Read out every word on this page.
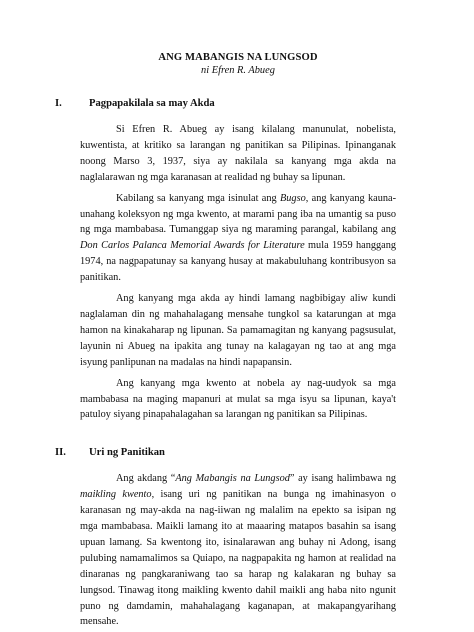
ANG MABANGIS NA LUNGSOD
ni Efren R. Abueg
I.	Pagpapakilala sa may Akda

Si Efren R. Abueg ay isang kilalang manunulat, nobelista, kuwentista, at kritiko sa larangan ng panitikan sa Pilipinas. Ipinanganak noong Marso 3, 1937, siya ay nakilala sa kanyang mga akda na naglalarawan ng mga karanasan at realidad ng buhay sa lipunan.

Kabilang sa kanyang mga isinulat ang Bugso, ang kanyang kauna-unahang koleksyon ng mga kwento, at marami pang iba na umantig sa puso ng mga mambabasa. Tumanggap siya ng maraming parangal, kabilang ang Don Carlos Palanca Memorial Awards for Literature mula 1959 hanggang 1974, na nagpapatunay sa kanyang husay at makabuluhang kontribusyon sa panitikan.

Ang kanyang mga akda ay hindi lamang nagbibigay aliw kundi naglalaman din ng mahahalagang mensahe tungkol sa katarungan at mga hamon na kinakaharap ng lipunan. Sa pamamagitan ng kanyang pagsusulat, layunin ni Abueg na ipakita ang tunay na kalagayan ng tao at ang mga isyung panlipunan na madalas na hindi napapansin.

Ang kanyang mga kwento at nobela ay nag-uudyok sa mga mambabasa na maging mapanuri at mulat sa mga isyu sa lipunan, kaya't patuloy siyang pinapahalagahan sa larangan ng panitikan sa Pilipinas.

II.	Uri ng Panitikan

Ang akdang “Ang Mabangis na Lungsod” ay isang halimbawa ng maikling kwento, isang uri ng panitikan na bunga ng imahinasyon o karanasan ng may-akda na nag-iiwan ng malalim na epekto sa isipan ng mga mambabasa. Maikli lamang ito at maaaring matapos basahin sa isang upuan lamang. Sa kwentong ito, isinalarawan ang buhay ni Adong, isang pulubing namamalimos sa Quiapo, na nagpapakita ng hamon at realidad na dinaranas ng pangkaraniwang tao sa harap ng kalakaran ng buhay sa lungsod. Tinawag itong maikling kwento dahil maikli ang haba nito ngunit puno ng damdamin, mahahalagang kaganapan, at makapangyarihang mensahe.
